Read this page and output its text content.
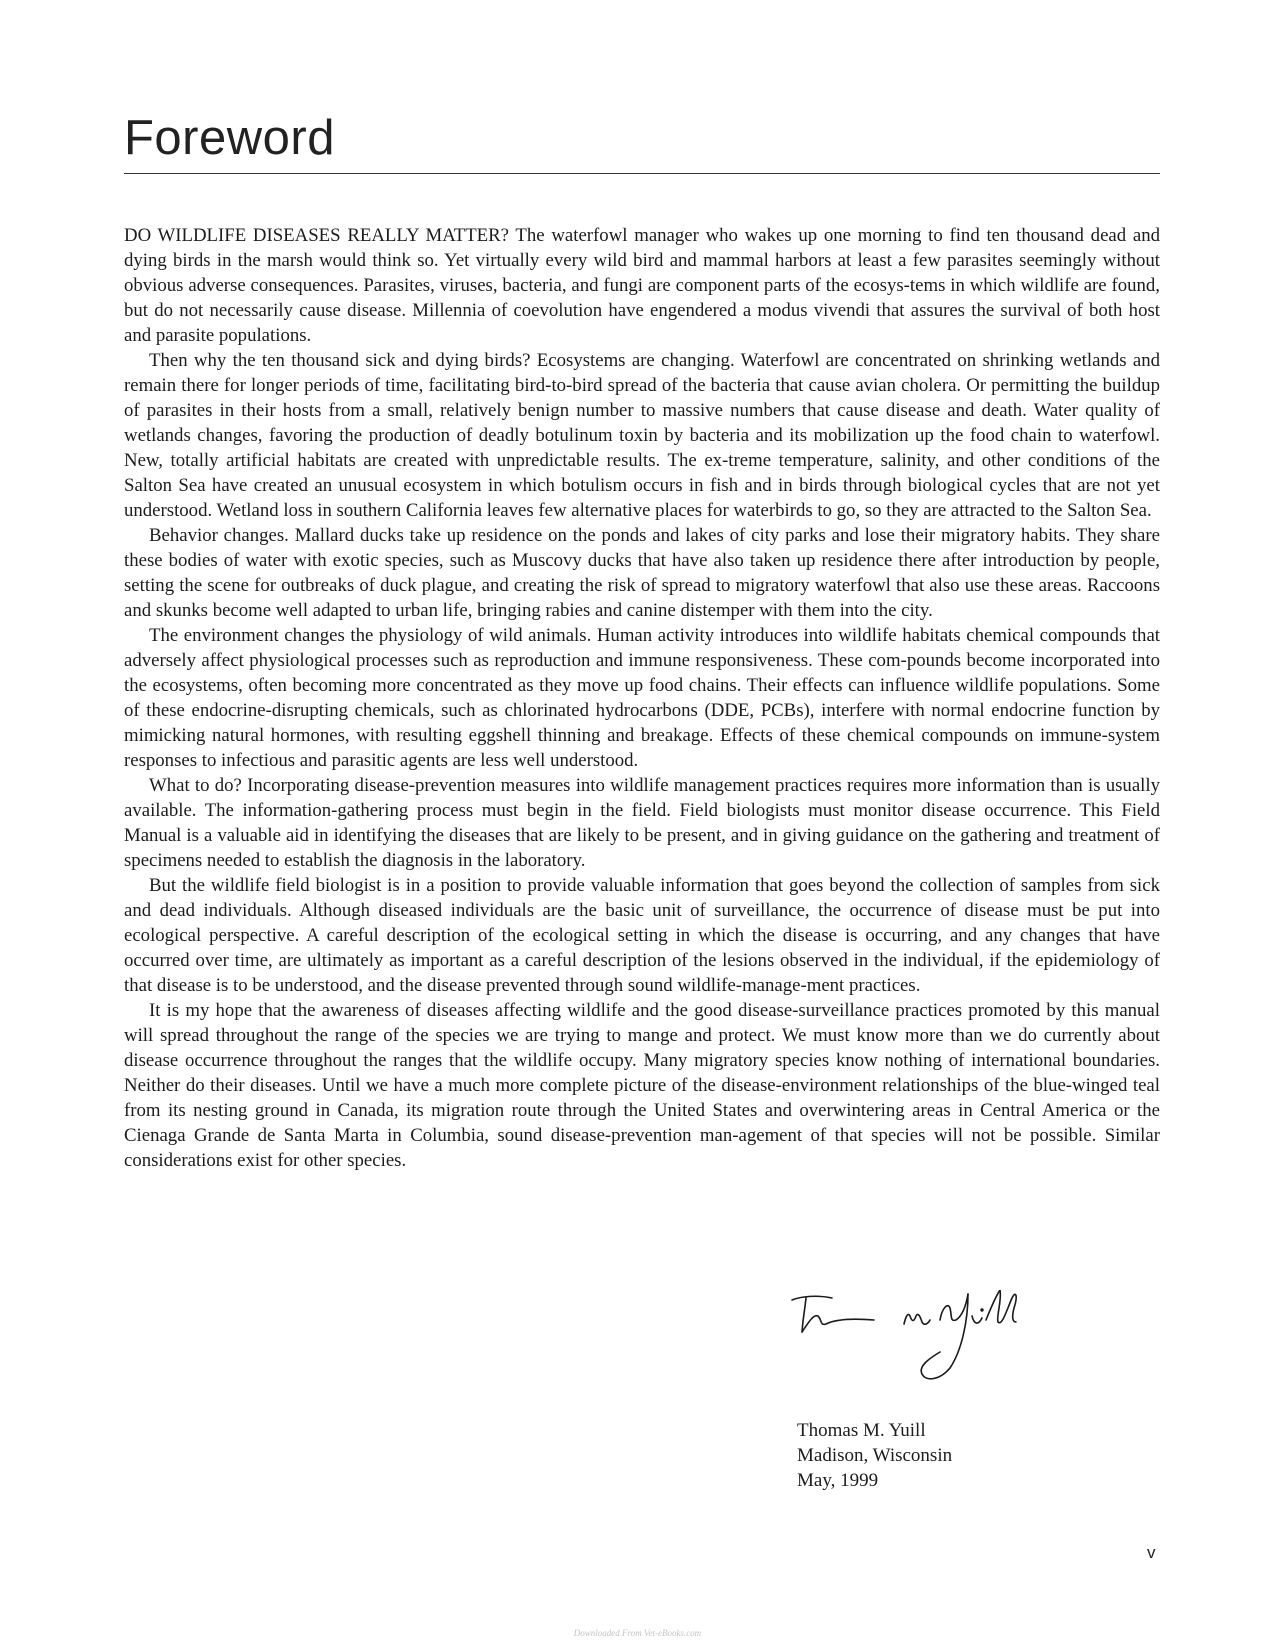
Foreword

DO WILDLIFE DISEASES REALLY MATTER? The waterfowl manager who wakes up one morning to find ten thousand dead and dying birds in the marsh would think so. Yet virtually every wild bird and mammal harbors at least a few parasites seemingly without obvious adverse consequences. Parasites, viruses, bacteria, and fungi are component parts of the ecosys-tems in which wildlife are found, but do not necessarily cause disease. Millennia of coevolution have engendered a modus vivendi that assures the survival of both host and parasite populations.

Then why the ten thousand sick and dying birds? Ecosystems are changing. Waterfowl are concentrated on shrinking wetlands and remain there for longer periods of time, facilitating bird-to-bird spread of the bacteria that cause avian cholera. Or permitting the buildup of parasites in their hosts from a small, relatively benign number to massive numbers that cause disease and death. Water quality of wetlands changes, favoring the production of deadly botulinum toxin by bacteria and its mobilization up the food chain to waterfowl. New, totally artificial habitats are created with unpredictable results. The ex-treme temperature, salinity, and other conditions of the Salton Sea have created an unusual ecosystem in which botulism occurs in fish and in birds through biological cycles that are not yet understood. Wetland loss in southern California leaves few alternative places for waterbirds to go, so they are attracted to the Salton Sea.

Behavior changes. Mallard ducks take up residence on the ponds and lakes of city parks and lose their migratory habits. They share these bodies of water with exotic species, such as Muscovy ducks that have also taken up residence there after introduction by people, setting the scene for outbreaks of duck plague, and creating the risk of spread to migratory waterfowl that also use these areas. Raccoons and skunks become well adapted to urban life, bringing rabies and canine distemper with them into the city.

The environment changes the physiology of wild animals. Human activity introduces into wildlife habitats chemical compounds that adversely affect physiological processes such as reproduction and immune responsiveness. These com-pounds become incorporated into the ecosystems, often becoming more concentrated as they move up food chains. Their effects can influence wildlife populations. Some of these endocrine-disrupting chemicals, such as chlorinated hydrocarbons (DDE, PCBs), interfere with normal endocrine function by mimicking natural hormones, with resulting eggshell thinning and breakage. Effects of these chemical compounds on immune-system responses to infectious and parasitic agents are less well understood.

What to do? Incorporating disease-prevention measures into wildlife management practices requires more information than is usually available. The information-gathering process must begin in the field. Field biologists must monitor disease occurrence. This Field Manual is a valuable aid in identifying the diseases that are likely to be present, and in giving guidance on the gathering and treatment of specimens needed to establish the diagnosis in the laboratory.

But the wildlife field biologist is in a position to provide valuable information that goes beyond the collection of samples from sick and dead individuals. Although diseased individuals are the basic unit of surveillance, the occurrence of disease must be put into ecological perspective. A careful description of the ecological setting in which the disease is occurring, and any changes that have occurred over time, are ultimately as important as a careful description of the lesions observed in the individual, if the epidemiology of that disease is to be understood, and the disease prevented through sound wildlife-manage-ment practices.

It is my hope that the awareness of diseases affecting wildlife and the good disease-surveillance practices promoted by this manual will spread throughout the range of the species we are trying to mange and protect. We must know more than we do currently about disease occurrence throughout the ranges that the wildlife occupy. Many migratory species know nothing of international boundaries. Neither do their diseases. Until we have a much more complete picture of the disease-environment relationships of the blue-winged teal from its nesting ground in Canada, its migration route through the United States and overwintering areas in Central America or the Cienaga Grande de Santa Marta in Columbia, sound disease-prevention man-agement of that species will not be possible. Similar considerations exist for other species.

Thomas M. Yuill
Madison, Wisconsin
May, 1999
v
Downloaded From Vet-eBooks.com
